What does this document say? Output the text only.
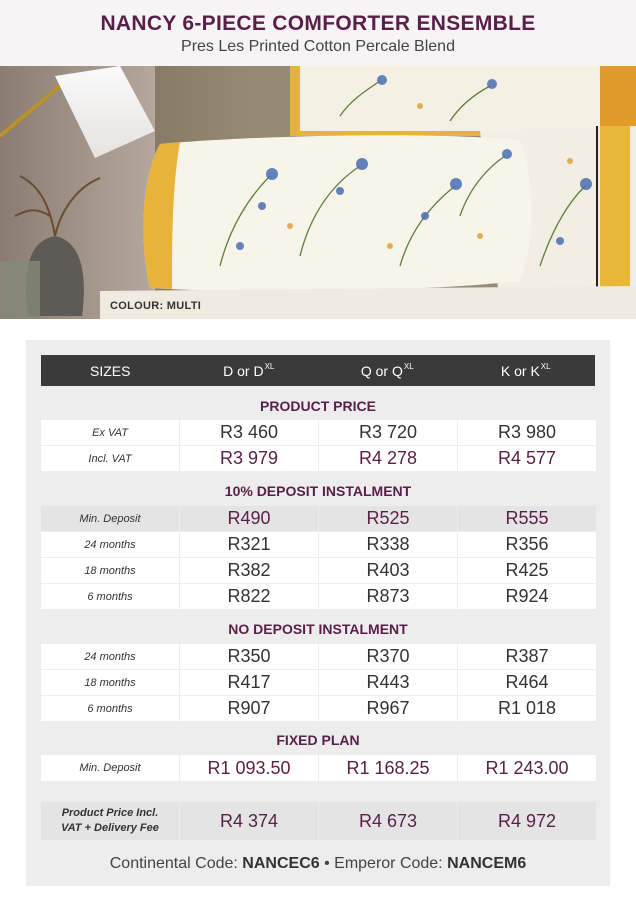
NANCY 6-PIECE COMFORTER ENSEMBLE
Pres Les Printed Cotton Percale Blend
COLOUR: MULTI
SIZES	D or $D^{XL}$	Q or $Q^{XL}$	K or $K^{XL}$
PRODUCT PRICE
Ex VAT	R3 460	R3 720	R3 980
Incl. VAT	R3 979	R4 278	R4 577
10% DEPOSIT INSTALMENT
Min. Deposit	R490	R525	R555
24 months	R321	R338	R356
18 months	R382	R403	R425
6 months	R822	R873	R924
NO DEPOSIT INSTALMENT
24 months	R350	R370	R387
18 months	R417	R443	R464
6 months	R907	R967	R1 018
FIXED PLAN
Min. Deposit	R1 093.50	R1 168.25	R1 243.00
Product Price Incl.
VAT + Delivery Fee	R4 374	R4 673	R4 972
Continental Code: NANCEC6 • Emperor Code: NANCEM6
